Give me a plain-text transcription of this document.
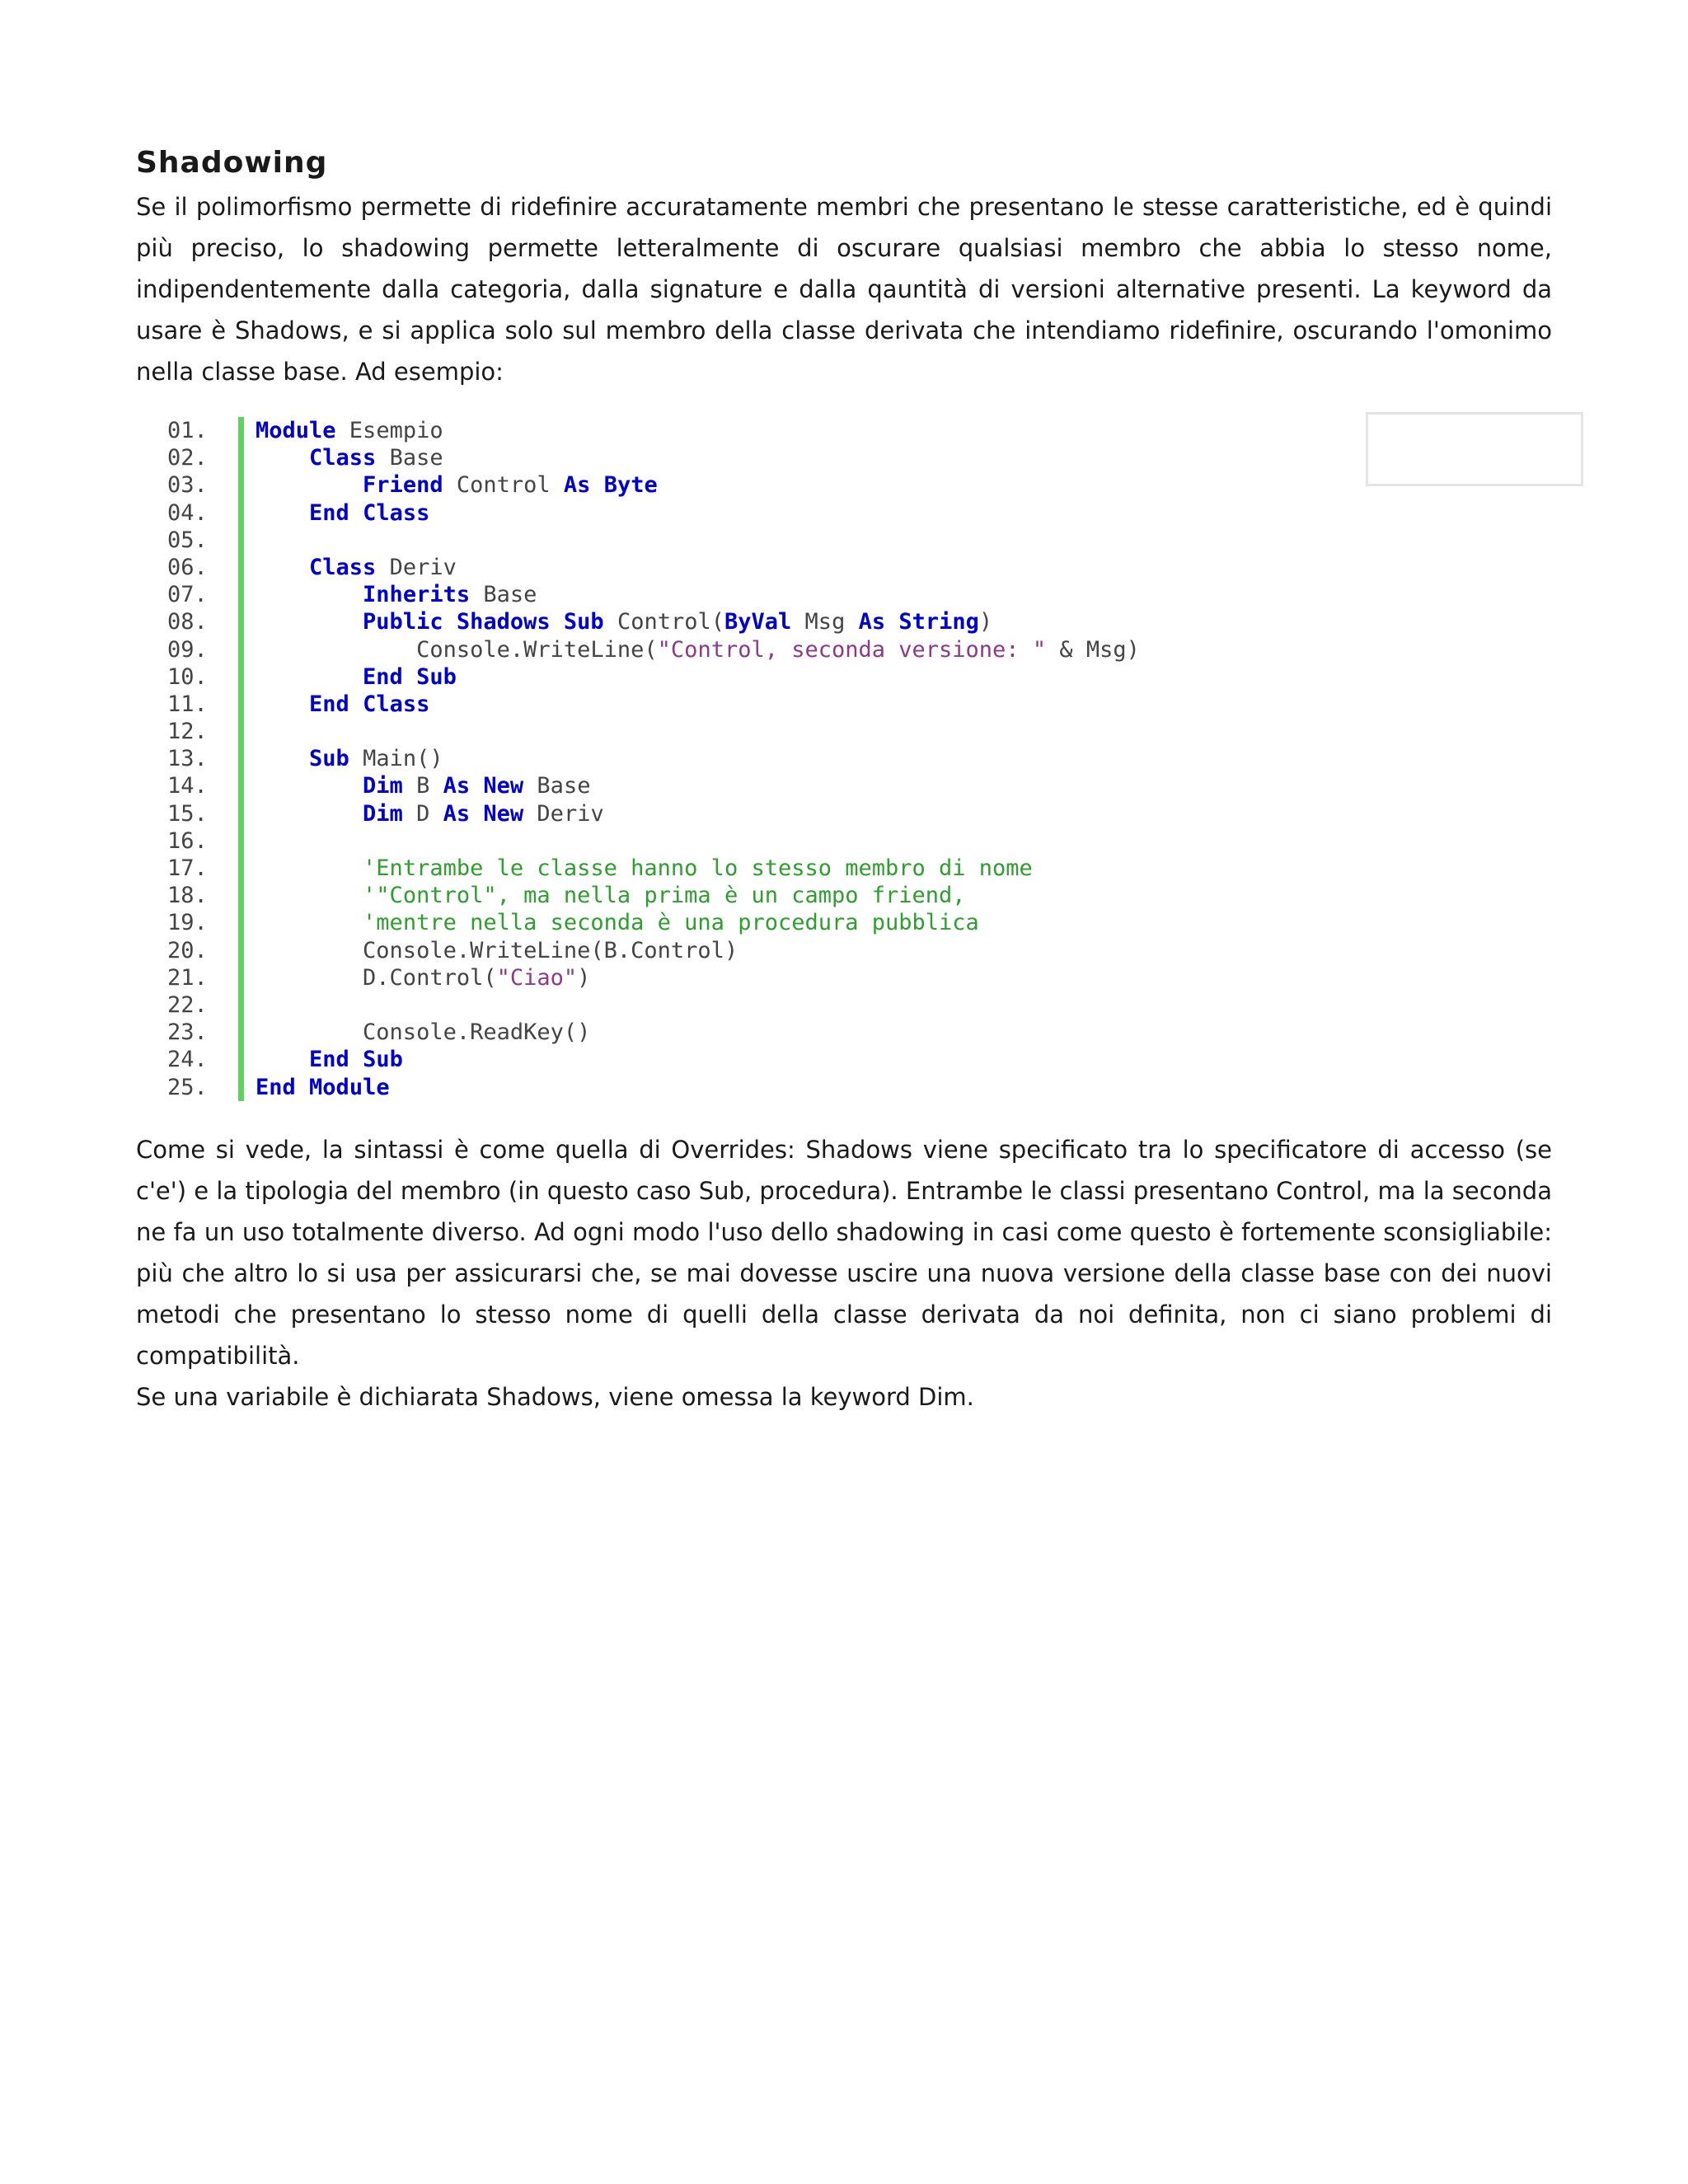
Shadowing

Se il polimorfismo permette di ridefinire accuratamente membri che presentano le stesse caratteristiche, ed è quindi più preciso, lo shadowing permette letteralmente di oscurare qualsiasi membro che abbia lo stesso nome, indipendentemente dalla categoria, dalla signature e dalla qauntità di versioni alternative presenti. La keyword da usare è Shadows, e si applica solo sul membro della classe derivata che intendiamo ridefinire, oscurando l'omonimo nella classe base. Ad esempio:

01.	Module Esempio
02.	Class Base
03.	Friend Control As Byte
04.	End Class
05.
06.	Class Deriv
07.	Inherits Base
08.	Public Shadows Sub Control(ByVal Msg As String)
09.	Console.WriteLine("Control, seconda versione: " & Msg)
10.	End Sub
11.	End Class
12.
13.	Sub Main()
14.	Dim B As New Base
15.	Dim D As New Deriv
16.
17.	'Entrambe le classe hanno lo stesso membro di nome
18.	'"Control", ma nella prima è un campo friend,
19.	'mentre nella seconda è una procedura pubblica
20.	Console.WriteLine(B.Control)
21.	D.Control("Ciao")
22.
23.	Console.ReadKey()
24.	End Sub
25.	End Module

Come si vede, la sintassi è come quella di Overrides: Shadows viene specificato tra lo specificatore di accesso (se c'e') e la tipologia del membro (in questo caso Sub, procedura). Entrambe le classi presentano Control, ma la seconda ne fa un uso totalmente diverso. Ad ogni modo l'uso dello shadowing in casi come questo è fortemente sconsigliabile: più che altro lo si usa per assicurarsi che, se mai dovesse uscire una nuova versione della classe base con dei nuovi metodi che presentano lo stesso nome di quelli della classe derivata da noi definita, non ci siano problemi di compatibilità.

Se una variabile è dichiarata Shadows, viene omessa la keyword Dim.
